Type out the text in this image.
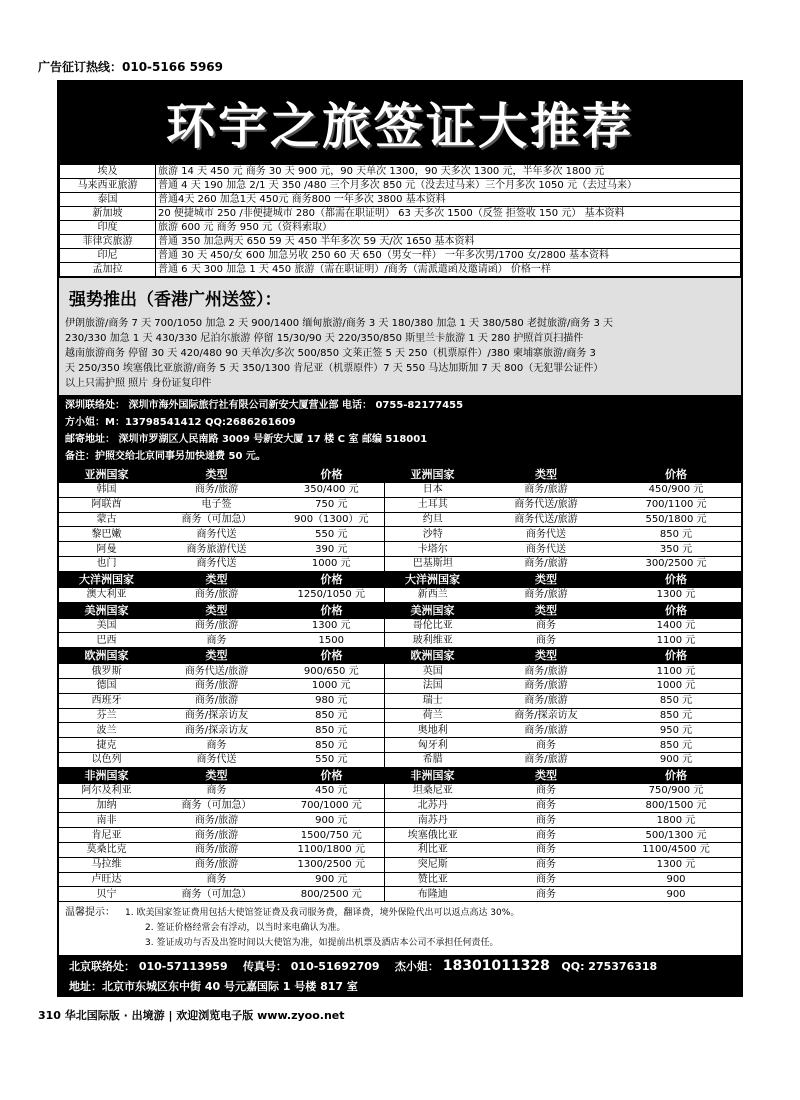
广告征订热线：010-5166 5969
环宇之旅签证大推荐
埃及	旅游 14 天 450 元 商务 30 天 900 元，90 天单次 1300，90 天多次 1300 元，半年多次 1800 元
马来西亚旅游	普通 4 天 190 加急 2/1 天 350 /480 三个月多次 850 元（没去过马来）三个月多次 1050 元（去过马来）
泰国	普通4天 260 加急1天 450元 商务800 一年多次 3800 基本资料
新加坡	20 便捷城市 250 /非便捷城市 280（都需在职证明） 63 天多次 1500（反签 拒签收 150 元） 基本资料
印度	旅游 600 元 商务 950 元（资料索取）
菲律宾旅游	普通 350 加急两天 650 59 天 450 半年多次 59 天/次 1650 基本资料
印尼	普通 30 天 450/女 600 加急另收 250 60 天 650（男女一样） 一年多次男/1700 女/2800 基本资料
孟加拉	普通 6 天 300 加急 1 天 450 旅游（需在职证明）/商务（需派遣函及邀请函） 价格一样
强势推出（香港广州送签）：
伊朗旅游/商务 7 天 700/1050 加急 2 天 900/1400 缅甸旅游/商务 3 天 180/380 加急 1 天 380/580 老挝旅游/商务 3 天
230/330 加急 1 天 430/330 尼泊尔旅游 停留 15/30/90 天 220/350/850 斯里兰卡旅游 1 天 280 护照首页扫描件
越南旅游商务 停留 30 天 420/480 90 天单次/多次 500/850 文莱正签 5 天 250（机票原件）/380 柬埔寨旅游/商务 3
天 250/350 埃塞俄比亚旅游/商务 5 天 350/1300 肯尼亚（机票原件）7 天 550 马达加斯加 7 天 800（无犯罪公证件）
以上只需护照 照片 身份证复印件
深圳联络处： 深圳市海外国际旅行社有限公司新安大厦营业部 电话： 0755-82177455
方小姐：M：13798541412 QQ:2686261609
邮寄地址： 深圳市罗湖区人民南路 3009 号新安大厦 17 楼 C 室 邮编 518001
备注：护照交给北京同事另加快递费 50 元。
亚洲国家	类型	价格	亚洲国家	类型	价格
韩国	商务/旅游	350/400 元	日本	商务/旅游	450/900 元
阿联酋	电子签	750 元	土耳其	商务代送/旅游	700/1100 元
蒙古	商务（可加急）	900（1300）元	约旦	商务代送/旅游	550/1800 元
黎巴嫩	商务代送	550 元	沙特	商务代送	850 元
阿曼	商务旅游代送	390 元	卡塔尔	商务代送	350 元
也门	商务代送	1000 元	巴基斯坦	商务/旅游	300/2500 元
大洋洲国家	类型	价格	大洋洲国家	类型	价格
澳大利亚	商务/旅游	1250/1050 元	新西兰	商务/旅游	1300 元
美洲国家	类型	价格	美洲国家	类型	价格
美国	商务/旅游	1300 元	哥伦比亚	商务	1400 元
巴西	商务	1500	玻利维亚	商务	1100 元
欧洲国家	类型	价格	欧洲国家	类型	价格
俄罗斯	商务代送/旅游	900/650 元	英国	商务/旅游	1100 元
德国	商务/旅游	1000 元	法国	商务/旅游	1000 元
西班牙	商务/旅游	980 元	瑞士	商务/旅游	850 元
芬兰	商务/探亲访友	850 元	荷兰	商务/探亲访友	850 元
波兰	商务/探亲访友	850 元	奥地利	商务/旅游	950 元
捷克	商务	850 元	匈牙利	商务	850 元
以色列	商务代送	550 元	希腊	商务/旅游	900 元
非洲国家	类型	价格	非洲国家	类型	价格
阿尔及利亚	商务	450 元	坦桑尼亚	商务	750/900 元
加纳	商务（可加急）	700/1000 元	北苏丹	商务	800/1500 元
南非	商务/旅游	900 元	南苏丹	商务	1800 元
肯尼亚	商务/旅游	1500/750 元	埃塞俄比亚	商务	500/1300 元
莫桑比克	商务/旅游	1100/1800 元	利比亚	商务	1100/4500 元
马拉维	商务/旅游	1300/2500 元	突尼斯	商务	1300 元
卢旺达	商务	900 元	赞比亚	商务	900
贝宁	商务（可加急）	800/2500 元	布隆迪	商务	900
温馨提示： 1. 欧美国家签证费用包括大使馆签证费及我司服务费，翻译费，境外保险代出可以返点高达 30%。
2. 签证价格经常会有浮动，以当时来电确认为准。
3. 签证成功与否及出签时间以大使馆为准，如提前出机票及酒店本公司不承担任何责任。
北京联络处： 010-57113959 传真号： 010-51692709 杰小姐： 18301011328 QQ: 275376318
地址：北京市东城区东中街 40 号元嘉国际 1 号楼 817 室
310 华北国际版 · 出境游 | 欢迎浏览电子版 www.zyoo.net
